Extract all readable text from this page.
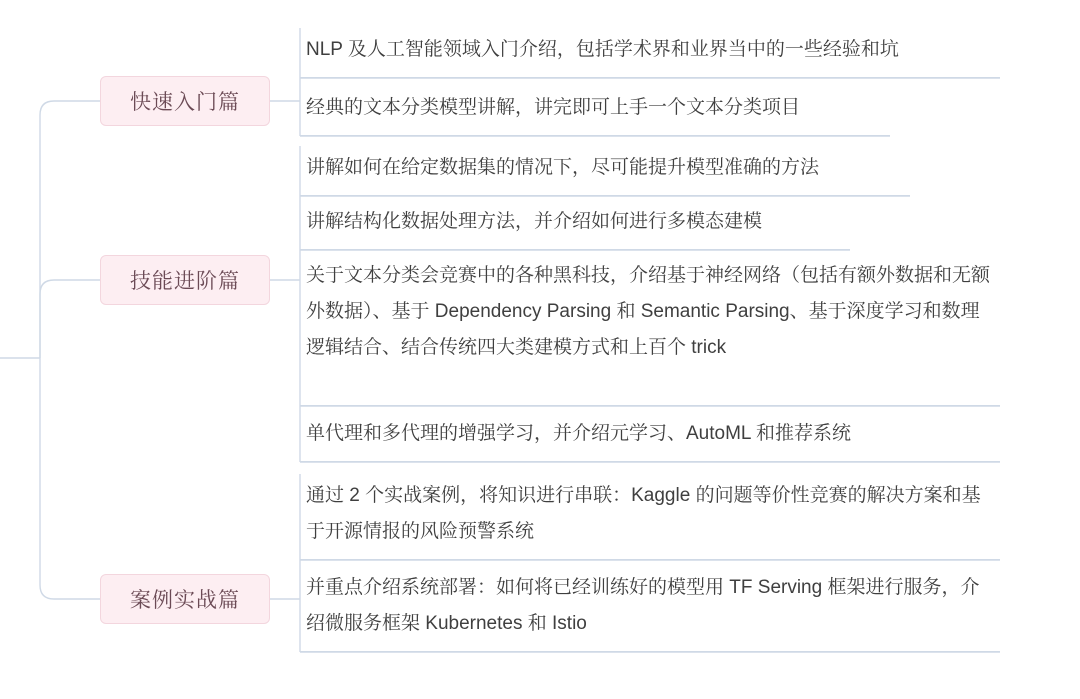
快速入门篇
NLP 及人工智能领域入门介绍，包括学术界和业界当中的一些经验和坑
经典的文本分类模型讲解，讲完即可上手一个文本分类项目
技能进阶篇
讲解如何在给定数据集的情况下，尽可能提升模型准确的方法
讲解结构化数据处理方法，并介绍如何进行多模态建模
关于文本分类会竞赛中的各种黑科技，介绍基于神经网络（包括有额外数据和无额外数据）、基于 Dependency Parsing 和 Semantic Parsing、基于深度学习和数理逻辑结合、结合传统四大类建模方式和上百个 trick
单代理和多代理的增强学习，并介绍元学习、AutoML 和推荐系统
案例实战篇
通过 2 个实战案例，将知识进行串联：Kaggle 的问题等价性竞赛的解决方案和基于开源情报的风险预警系统
并重点介绍系统部署：如何将已经训练好的模型用 TF Serving 框架进行服务，介绍微服务框架 Kubernetes 和 Istio
